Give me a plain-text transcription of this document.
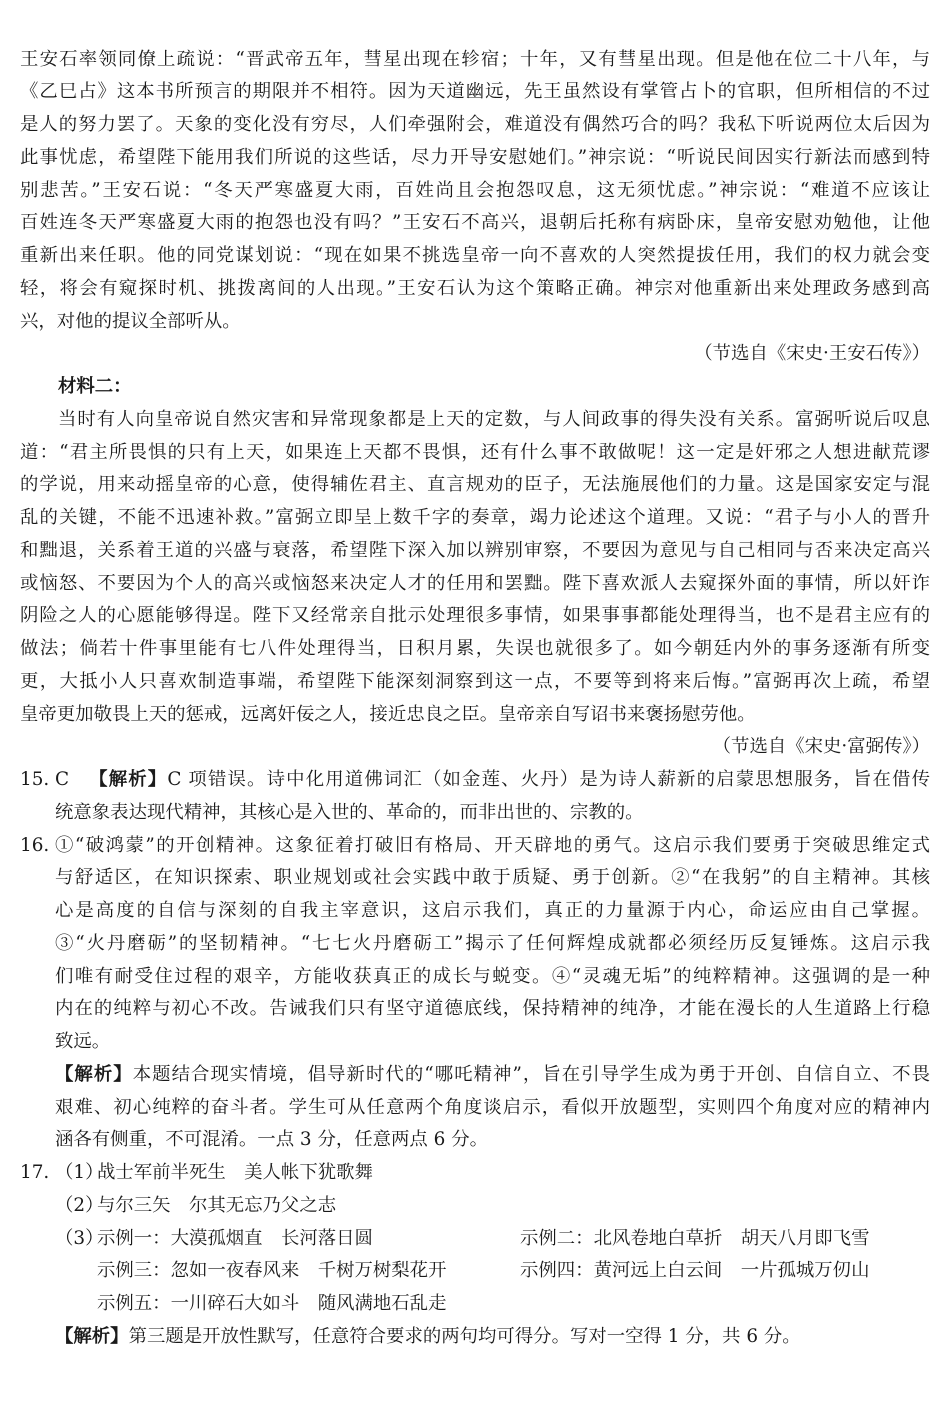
王安石率领同僚上疏说：“晋武帝五年，彗星出现在轸宿；十年，又有彗星出现。但是他在位二十八年，与
《乙巳占》这本书所预言的期限并不相符。因为天道幽远，先王虽然设有掌管占卜的官职，但所相信的不过
是人的努力罢了。天象的变化没有穷尽，人们牵强附会，难道没有偶然巧合的吗？我私下听说两位太后因为
此事忧虑，希望陛下能用我们所说的这些话，尽力开导安慰她们。”神宗说：“听说民间因实行新法而感到特
别悲苦。”王安石说：“冬天严寒盛夏大雨，百姓尚且会抱怨叹息，这无须忧虑。”神宗说：“难道不应该让
百姓连冬天严寒盛夏大雨的抱怨也没有吗？”王安石不高兴，退朝后托称有病卧床，皇帝安慰劝勉他，让他
重新出来任职。他的同党谋划说：“现在如果不挑选皇帝一向不喜欢的人突然提拔任用，我们的权力就会变
轻，将会有窥探时机、挑拨离间的人出现。”王安石认为这个策略正确。神宗对他重新出来处理政务感到高
兴，对他的提议全部听从。
（节选自《宋史·王安石传》）
材料二：
当时有人向皇帝说自然灾害和异常现象都是上天的定数，与人间政事的得失没有关系。富弼听说后叹息
道：“君主所畏惧的只有上天，如果连上天都不畏惧，还有什么事不敢做呢！这一定是奸邪之人想进献荒谬
的学说，用来动摇皇帝的心意，使得辅佐君主、直言规劝的臣子，无法施展他们的力量。这是国家安定与混
乱的关键，不能不迅速补救。”富弼立即呈上数千字的奏章，竭力论述这个道理。又说：“君子与小人的晋升
和黜退，关系着王道的兴盛与衰落，希望陛下深入加以辨别审察，不要因为意见与自己相同与否来决定高兴
或恼怒、不要因为个人的高兴或恼怒来决定人才的任用和罢黜。陛下喜欢派人去窥探外面的事情，所以奸诈
阴险之人的心愿能够得逞。陛下又经常亲自批示处理很多事情，如果事事都能处理得当，也不是君主应有的
做法；倘若十件事里能有七八件处理得当，日积月累，失误也就很多了。如今朝廷内外的事务逐渐有所变
更，大抵小人只喜欢制造事端，希望陛下能深刻洞察到这一点，不要等到将来后悔。”富弼再次上疏，希望
皇帝更加敬畏上天的惩戒，远离奸佞之人，接近忠良之臣。皇帝亲自写诏书来褒扬慰劳他。
（节选自《宋史·富弼传》）
15. C 【解析】C 项错误。诗中化用道佛词汇（如金莲、火丹）是为诗人薪新的启蒙思想服务，旨在借传
统意象表达现代精神，其核心是入世的、革命的，而非出世的、宗教的。
16. ①“破鸿蒙”的开创精神。这象征着打破旧有格局、开天辟地的勇气。这启示我们要勇于突破思维定式
与舒适区，在知识探索、职业规划或社会实践中敢于质疑、勇于创新。②“在我躬”的自主精神。其核
心是高度的自信与深刻的自我主宰意识，这启示我们，真正的力量源于内心，命运应由自己掌握。
③“火丹磨砺”的坚韧精神。“七七火丹磨砺工”揭示了任何辉煌成就都必须经历反复锤炼。这启示我
们唯有耐受住过程的艰辛，方能收获真正的成长与蜕变。④“灵魂无垢”的纯粹精神。这强调的是一种
内在的纯粹与初心不改。告诫我们只有坚守道德底线，保持精神的纯净，才能在漫长的人生道路上行稳
致远。
【解析】本题结合现实情境，倡导新时代的“哪吒精神”，旨在引导学生成为勇于开创、自信自立、不畏
艰难、初心纯粹的奋斗者。学生可从任意两个角度谈启示，看似开放题型，实则四个角度对应的精神内
涵各有侧重，不可混淆。一点 3 分，任意两点 6 分。
17. （1）
战士军前半死生 美人帐下犹歌舞
（2）
与尔三矢 尔其无忘乃父之志
（3）
示例一：大漠孤烟直 长河落日圆	示例二：北风卷地白草折 胡天八月即飞雪
示例三：忽如一夜春风来 千树万树梨花开	示例四：黄河远上白云间 一片孤城万仞山
示例五：一川碎石大如斗 随风满地石乱走
【解析】第三题是开放性默写，任意符合要求的两句均可得分。写对一空得 1 分，共 6 分。
